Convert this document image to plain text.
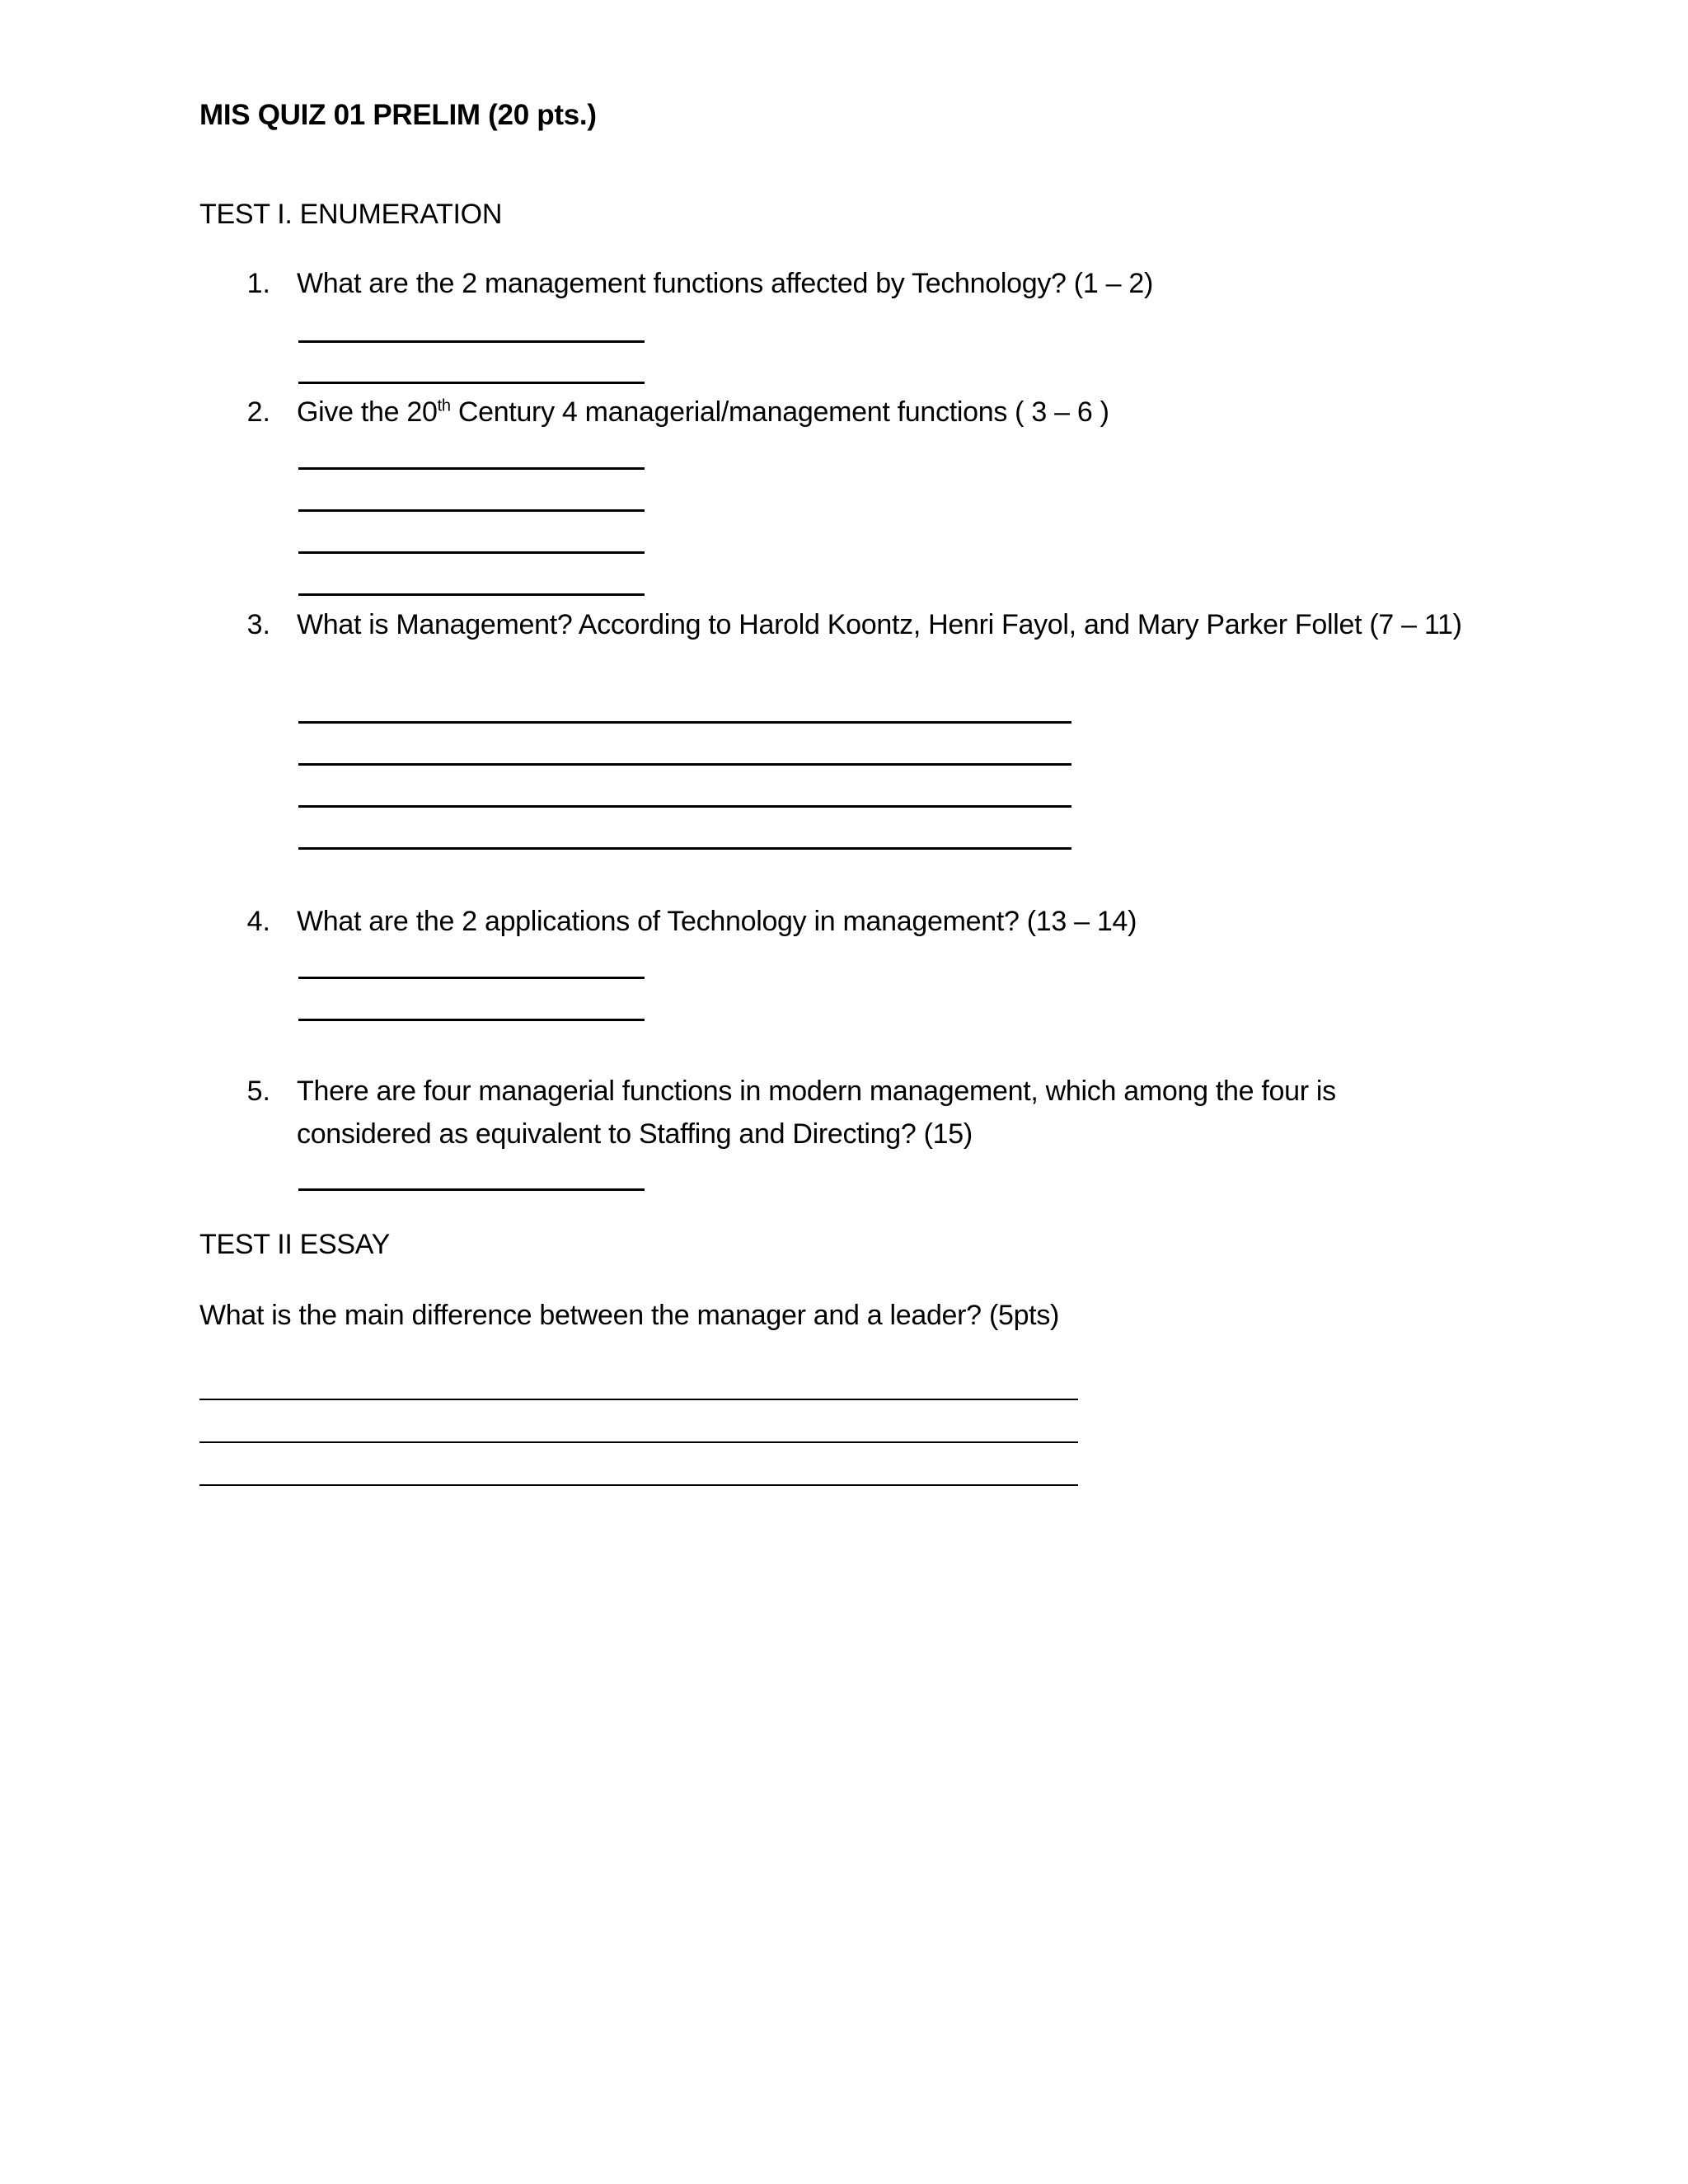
MIS QUIZ 01 PRELIM (20 pts.)
TEST I. ENUMERATION
1. What are the 2 management functions affected by Technology? (1 – 2)
2. Give the 20th Century 4 managerial/management functions ( 3 – 6 )
3. What is Management? According to Harold Koontz, Henri Fayol, and Mary Parker Follet (7 – 11)
4. What are the 2 applications of Technology in management? (13 – 14)
5. There are four managerial functions in modern management, which among the four is
considered as equivalent to Staffing and Directing? (15)
TEST II ESSAY
What is the main difference between the manager and a leader? (5pts)
